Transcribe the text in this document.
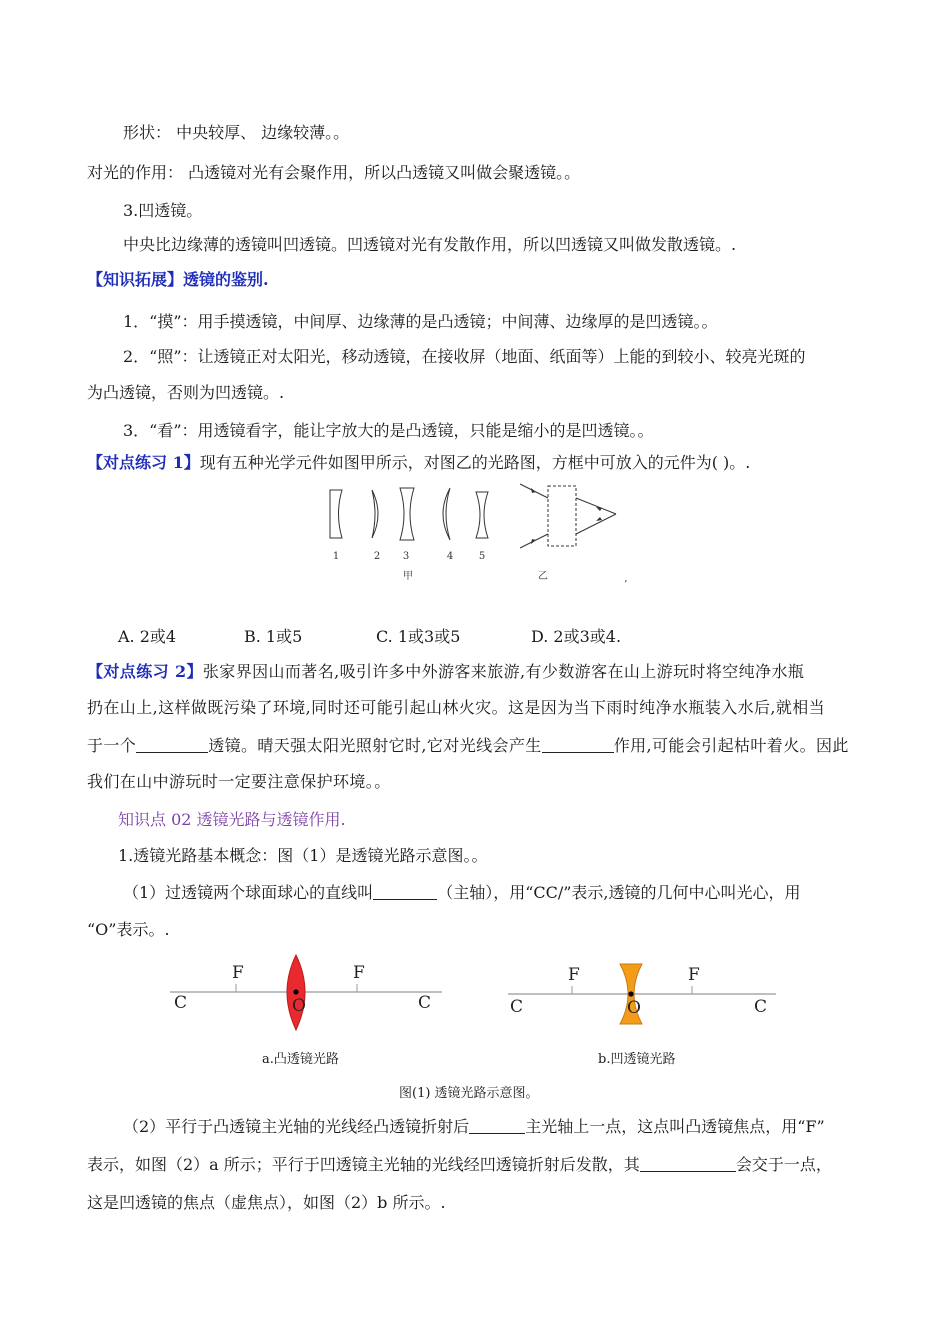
形状： 中央较厚、 边缘较薄。。
对光的作用： 凸透镜对光有会聚作用，所以凸透镜又叫做会聚透镜。。
3.凹透镜。
中央比边缘薄的透镜叫凹透镜。凹透镜对光有发散作用，所以凹透镜又叫做发散透镜。.
【知识拓展】透镜的鉴别.
1．“摸”：用手摸透镜，中间厚、边缘薄的是凸透镜；中间薄、边缘厚的是凹透镜。。
2．“照”：让透镜正对太阳光，移动透镜，在接收屏（地面、纸面等）上能的到较小、较亮光斑的
为凸透镜，否则为凹透镜。.
3．“看”：用透镜看字，能让字放大的是凸透镜，只能是缩小的是凹透镜。。
【对点练习 1】现有五种光学元件如图甲所示，对图乙的光路图，方框中可放入的元件为( )。.
1	2 3	4	5
甲	乙	,
A. 2或4	B. 1或5	C. 1或3或5	D. 2或3或4.
【对点练习 2】张家界因山而著名,吸引许多中外游客来旅游,有少数游客在山上游玩时将空纯净水瓶
扔在山上,这样做既污染了环境,同时还可能引起山林火灾。这是因为当下雨时纯净水瓶装入水后,就相当
于一个	透镜。晴天强太阳光照射它时,它对光线会产生	作用,可能会引起枯叶着火。因此
我们在山中游玩时一定要注意保护环境。。
知识点 02 透镜光路与透镜作用.
1.透镜光路基本概念：图（1）是透镜光路示意图。。
（1）过透镜两个球面球心的直线叫	（主轴），用“CC/”表示,透镜的几何中心叫光心，用
“O”表示。.
F	F
C	C
O
F	F
C	C
O
a.凸透镜光路	b.凹透镜光路
图(1) 透镜光路示意图。
（2）平行于凸透镜主光轴的光线经凸透镜折射后	主光轴上一点，这点叫凸透镜焦点，用“F”
表示，如图（2）a 所示；平行于凹透镜主光轴的光线经凹透镜折射后发散，其	会交于一点，
这是凹透镜的焦点（虚焦点），如图（2）b 所示。.
